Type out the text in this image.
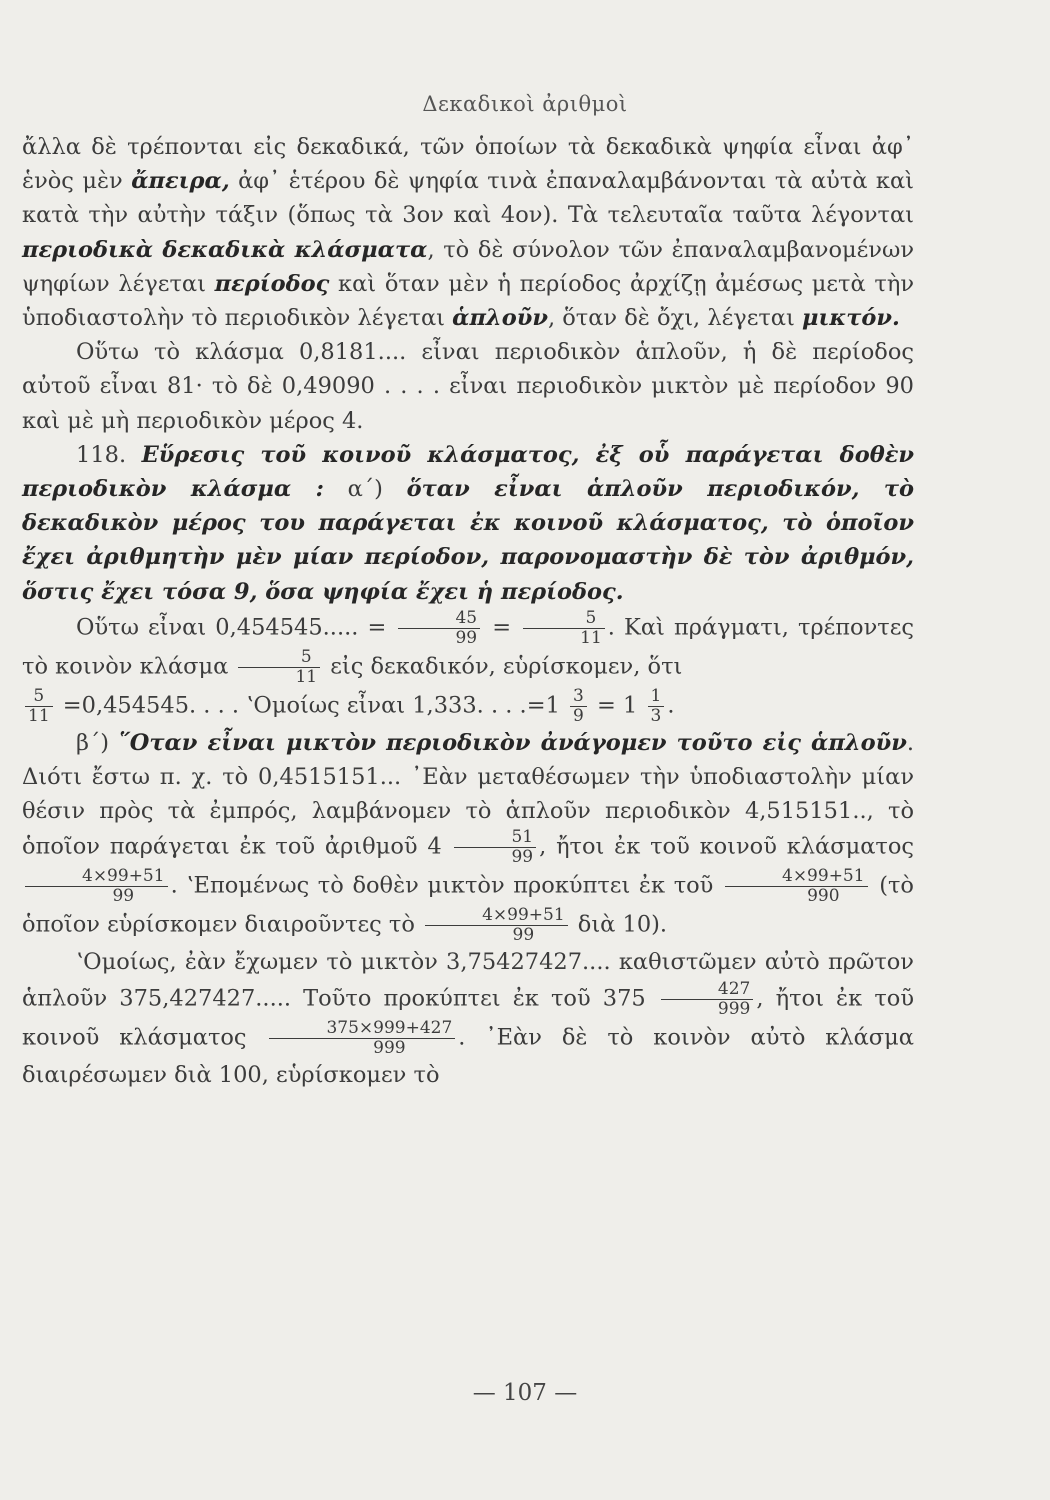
Δεκαδικοὶ ἀριθμοὶ

ἄλλα δὲ τρέπονται εἰς δεκαδικά, τῶν ὁποίων τὰ δεκαδικὰ ψηφία εἶναι ἀφ᾽ ἑνὸς μὲν ἄπειρα, ἀφ᾽ ἑτέρου δὲ ψηφία τινὰ ἐπαναλαμβάνονται τὰ αὐτὰ καὶ κατὰ τὴν αὐτὴν τάξιν (ὅπως τὰ 3ον καὶ 4ον). Τὰ τελευταῖα ταῦτα λέγονται περιοδικὰ δεκαδικὰ κλάσματα, τὸ δὲ σύνολον τῶν ἐπαναλαμβανομένων ψηφίων λέγεται περίοδος καὶ ὅταν μὲν ἡ περίοδος ἀρχίζῃ ἀμέσως μετὰ τὴν ὑποδιαστολὴν τὸ περιοδικὸν λέγεται ἁπλοῦν, ὅταν δὲ ὄχι, λέγεται μικτόν.

Οὕτω τὸ κλάσμα 0,8181.... εἶναι περιοδικὸν ἁπλοῦν, ἡ δὲ περίοδος αὐτοῦ εἶναι 81· τὸ δὲ 0,49090 . . . . εἶναι περιοδικὸν μικτὸν μὲ περίοδον 90 καὶ μὲ μὴ περιοδικὸν μέρος 4.

118. Εὕρεσις τοῦ κοινοῦ κλάσματος, ἐξ οὗ παράγεται δοθὲν περιοδικὸν κλάσμα : α΄) ὅταν εἶναι ἁπλοῦν περιοδικόν, τὸ δεκαδικὸν μέρος του παράγεται ἐκ κοινοῦ κλάσματος, τὸ ὁποῖον ἔχει ἀριθμητὴν μὲν μίαν περίοδον, παρονομαστὴν δὲ τὸν ἀριθμόν, ὅστις ἔχει τόσα 9, ὅσα ψηφία ἔχει ἡ περίοδος.

Οὕτω εἶναι 0,454545..... = $\frac{45}{99} = \frac{5}{11}$ . Καὶ πράγματι, τρέποντες τὸ κοινὸν κλάσμα $\frac{5}{11}$ εἰς δεκαδικόν, εὑρίσκομεν, ὅτι

$\frac{5}{11} =0,454545$. . . . ʽΟμοίως εἶναι 1,333. . . $.=1 \frac{3}{9} = 1 \frac{1}{3}$ .

β΄) ῞Οταν εἶναι μικτὸν περιοδικὸν ἀνάγομεν τοῦτο εἰς ἁπλοῦν. Διότι ἔστω π. χ. τὸ 0,4515151... ᾿Εὰν μεταθέσωμεν τὴν ὑποδιαστολὴν μίαν θέσιν πρὸς τὰ ἐμπρός, λαμβάνομεν τὸ ἁπλοῦν περιοδικὸν 4,515151.., τὸ ὁποῖον παράγεται ἐκ τοῦ ἀριθμοῦ $4 \frac{51}{99}$ , ἤτοι ἐκ τοῦ κοινοῦ κλάσματος
$\frac{4\times 99+51}{99}$ . ʽΕπομένως τὸ δοθὲν μικτὸν προκύπτει ἐκ τοῦ $\frac{4\times 99+51}{990}$ (τὸ ὁποῖον εὑρίσκομεν διαιροῦντες τὸ $\frac{4\times 99+51}{99}$ διὰ 10).

ʽΟμοίως, ἐὰν ἔχωμεν τὸ μικτὸν 3,75427427.... καθιστῶμεν αὐτὸ πρῶτον ἁπλοῦν 375,427427..... Τοῦτο προκύπτει ἐκ τοῦ $375 \frac{427}{999}$ , ἤτοι ἐκ τοῦ κοινοῦ κλάσματος $\frac{375\times 999+427}{999}$ . ᾿Εὰν δὲ τὸ κοινὸν αὐτὸ κλάσμα διαιρέσωμεν διὰ 100, εὑρίσκομεν τὸ

— 107 —
